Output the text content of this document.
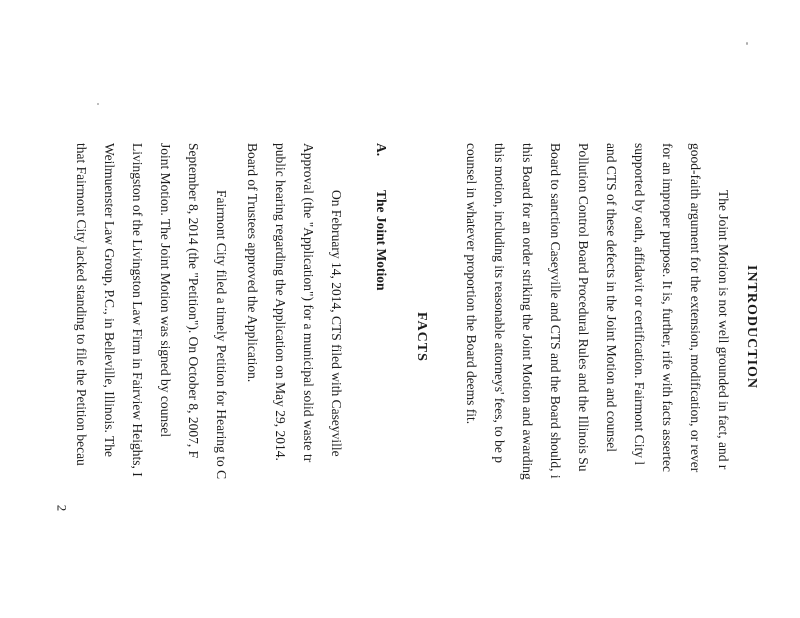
INTRODUCTION
The Joint Motion is not well grounded in fact, and r
good-faith argument for the extension, modification, or rever
for an improper purpose. It is, further, rife with facts assertec
supported by oath, affidavit or certification. Fairmont City l
and CTS of these defects in the Joint Motion and counsel
Pollution Control Board Procedural Rules and the Illinois Su
Board to sanction Caseyville and CTS and the Board should, i
this Board for an order striking the Joint Motion and awarding
this motion, including its reasonable attorneys' fees, to be p
counsel in whatever proportion the Board deems fit.
FACTS
A.
The Joint Motion
On February 14, 2014, CTS filed with Caseyville
Approval (the "Application") for a municipal solid waste tr
public hearing regarding the Application on May 29, 2014.
Board of Trustees approved the Application.
Fairmont City filed a timely Petition for Hearing to C
September 8, 2014 (the "Petition"). On October 8, 2007, F
Joint Motion. The Joint Motion was signed by counsel
Livingston of the Livingston Law Firm in Fairview Heights, I
Weilmuenster Law Group, P.C., in Belleville, Illinois. The
that Fairmont City lacked standing to file the Petition becau
2
